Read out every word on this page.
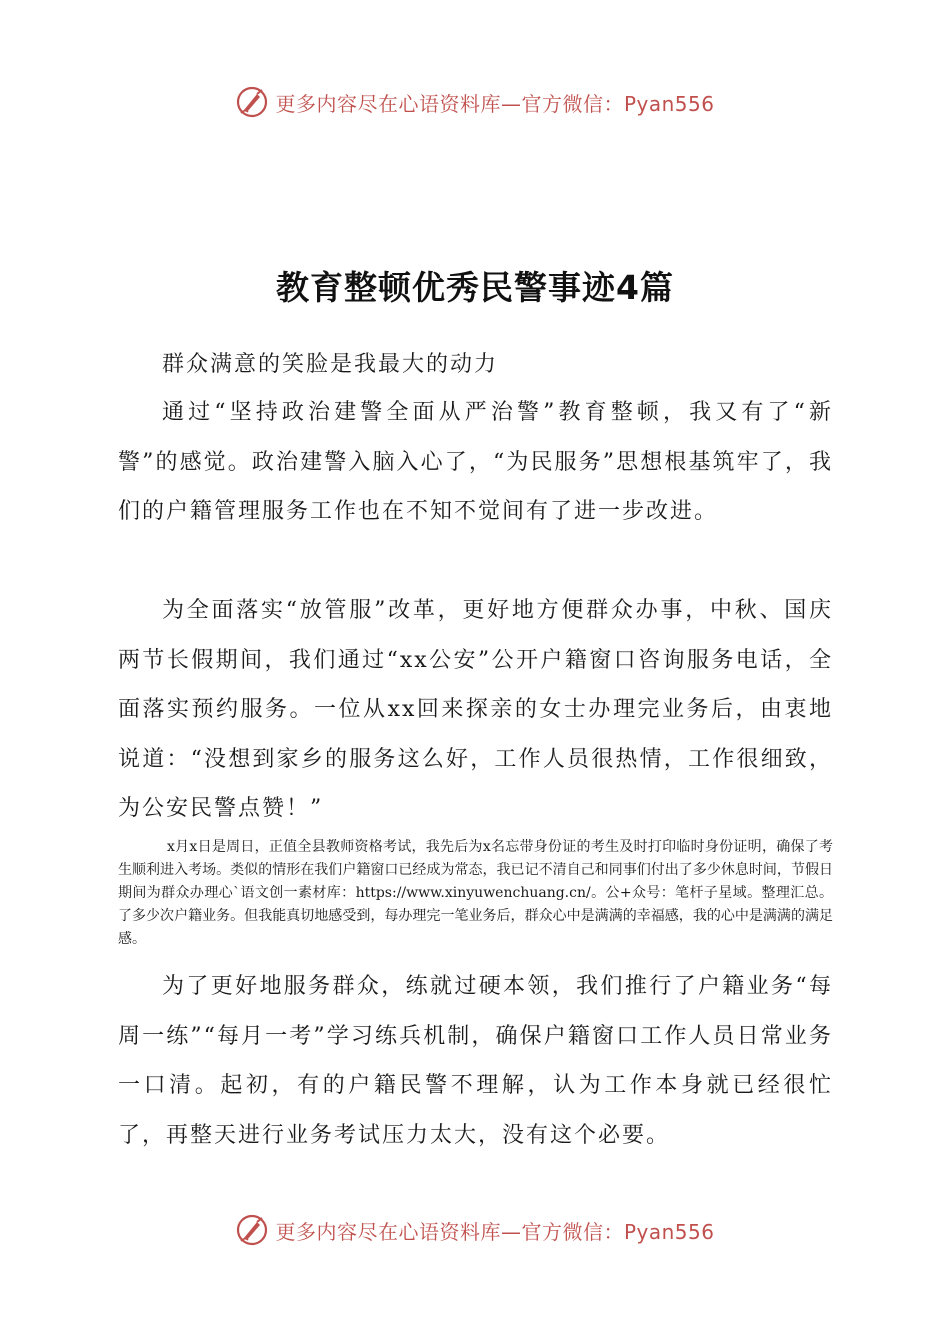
更多内容尽在心语资料库—官方微信：Pyan556
教育整顿优秀民警事迹4篇

群众满意的笑脸是我最大的动力

通过“坚持政治建警全面从严治警”教育整顿，我又有了“新警”的感觉。政治建警入脑入心了，“为民服务”思想根基筑牢了，我们的户籍管理服务工作也在不知不觉间有了进一步改进。

为全面落实“放管服”改革，更好地方便群众办事，中秋、国庆两节长假期间，我们通过“xx公安”公开户籍窗口咨询服务电话，全面落实预约服务。一位从xx回来探亲的女士办理完业务后，由衷地说道：“没想到家乡的服务这么好，工作人员很热情，工作很细致，为公安民警点赞！”

x月x日是周日，正值全县教师资格考试，我先后为x名忘带身份证的考生及时打印临时身份证明，确保了考生顺利进入考场。类似的情形在我们户籍窗口已经成为常态，我已记不清自己和同事们付出了多少休息时间，节假日期间为群众办理心`语文创一素材库：https://www.xinyuwenchuang.cn/。公+众号：笔杆子星域。整理汇总。了多少次户籍业务。但我能真切地感受到，每办理完一笔业务后，群众心中是满满的幸福感，我的心中是满满的满足感。

为了更好地服务群众，练就过硬本领，我们推行了户籍业务“每周一练”“每月一考”学习练兵机制，确保户籍窗口工作人员日常业务一口清。起初，有的户籍民警不理解，认为工作本身就已经很忙了，再整天进行业务考试压力太大，没有这个必要。

更多内容尽在心语资料库—官方微信：Pyan556
